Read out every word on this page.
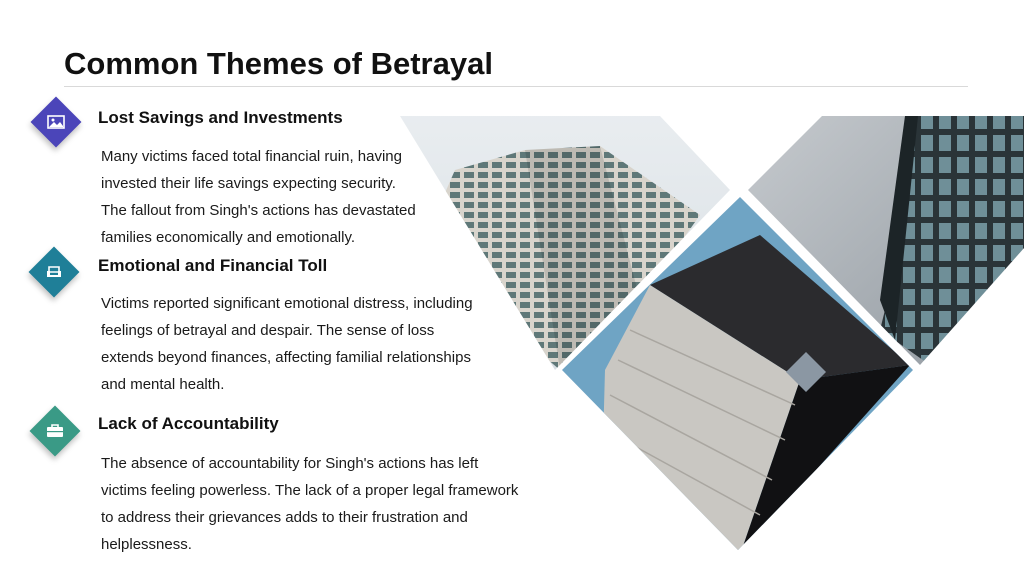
Common Themes of Betrayal
Lost Savings and Investments

Many victims faced total financial ruin, having invested their life savings expecting security. The fallout from Singh's actions has devastated families economically and emotionally.

Victims reported significant emotional distress, including feelings of betrayal and despair. The sense of loss extends beyond finances, affecting familial relationships and mental health.

Lack of Accountability

The absence of accountability for Singh's actions has left victims feeling powerless. The lack of a proper legal framework to address their grievances adds to their frustration and helplessness.

Emotional and Financial Toll
